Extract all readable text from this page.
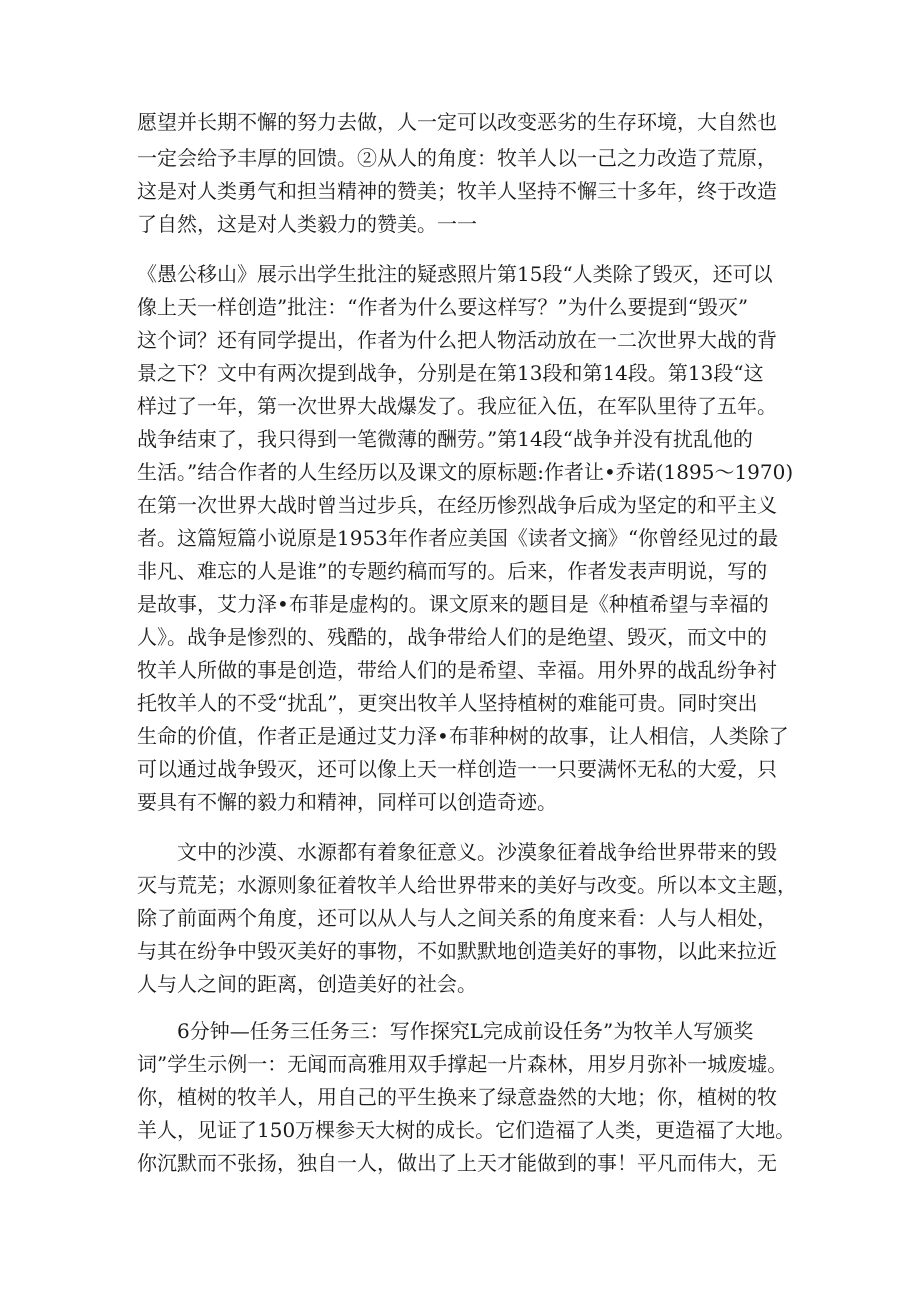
愿望并长期不懈的努力去做，人一定可以改变恶劣的生存环境，大自然也
一定会给予丰厚的回馈。②从人的角度：牧羊人以一己之力改造了荒原，
这是对人类勇气和担当精神的赞美；牧羊人坚持不懈三十多年，终于改造
了自然，这是对人类毅力的赞美。一一
《愚公移山》展示出学生批注的疑惑照片第15段“人类除了毁灭，还可以
像上天一样创造”批注：“作者为什么要这样写？”为什么要提到“毁灭”
这个词？还有同学提出，作者为什么把人物活动放在一二次世界大战的背
景之下？文中有两次提到战争，分别是在第13段和第14段。第13段“这
样过了一年，第一次世界大战爆发了。我应征入伍，在军队里待了五年。
战争结束了，我只得到一笔微薄的酬劳。”第14段“战争并没有扰乱他的
生活。”结合作者的人生经历以及课文的原标题:作者让•乔诺(1895～1970)
在第一次世界大战时曾当过步兵，在经历惨烈战争后成为坚定的和平主义
者。这篇短篇小说原是1953年作者应美国《读者文摘》“你曾经见过的最
非凡、难忘的人是谁”的专题约稿而写的。后来，作者发表声明说，写的
是故事，艾力泽•布菲是虚构的。课文原来的题目是《种植希望与幸福的
人》。战争是惨烈的、残酷的，战争带给人们的是绝望、毁灭，而文中的
牧羊人所做的事是创造，带给人们的是希望、幸福。用外界的战乱纷争衬
托牧羊人的不受“扰乱”，更突出牧羊人坚持植树的难能可贵。同时突出
生命的价值，作者正是通过艾力泽•布菲种树的故事，让人相信，人类除了
可以通过战争毁灭，还可以像上天一样创造一一只要满怀无私的大爱，只
要具有不懈的毅力和精神，同样可以创造奇迹。
　　文中的沙漠、水源都有着象征意义。沙漠象征着战争给世界带来的毁
灭与荒芜；水源则象征着牧羊人给世界带来的美好与改变。所以本文主题，
除了前面两个角度，还可以从人与人之间关系的角度来看：人与人相处，
与其在纷争中毁灭美好的事物，不如默默地创造美好的事物，以此来拉近
人与人之间的距离，创造美好的社会。
　　6分钟—任务三任务三：写作探究L完成前设任务”为牧羊人写颁奖
词”学生示例一：无闻而高雅用双手撑起一片森林，用岁月弥补一城废墟。
你，植树的牧羊人，用自己的平生换来了绿意盎然的大地；你，植树的牧
羊人，见证了150万棵参天大树的成长。它们造福了人类，更造福了大地。
你沉默而不张扬，独自一人，做出了上天才能做到的事！平凡而伟大，无
